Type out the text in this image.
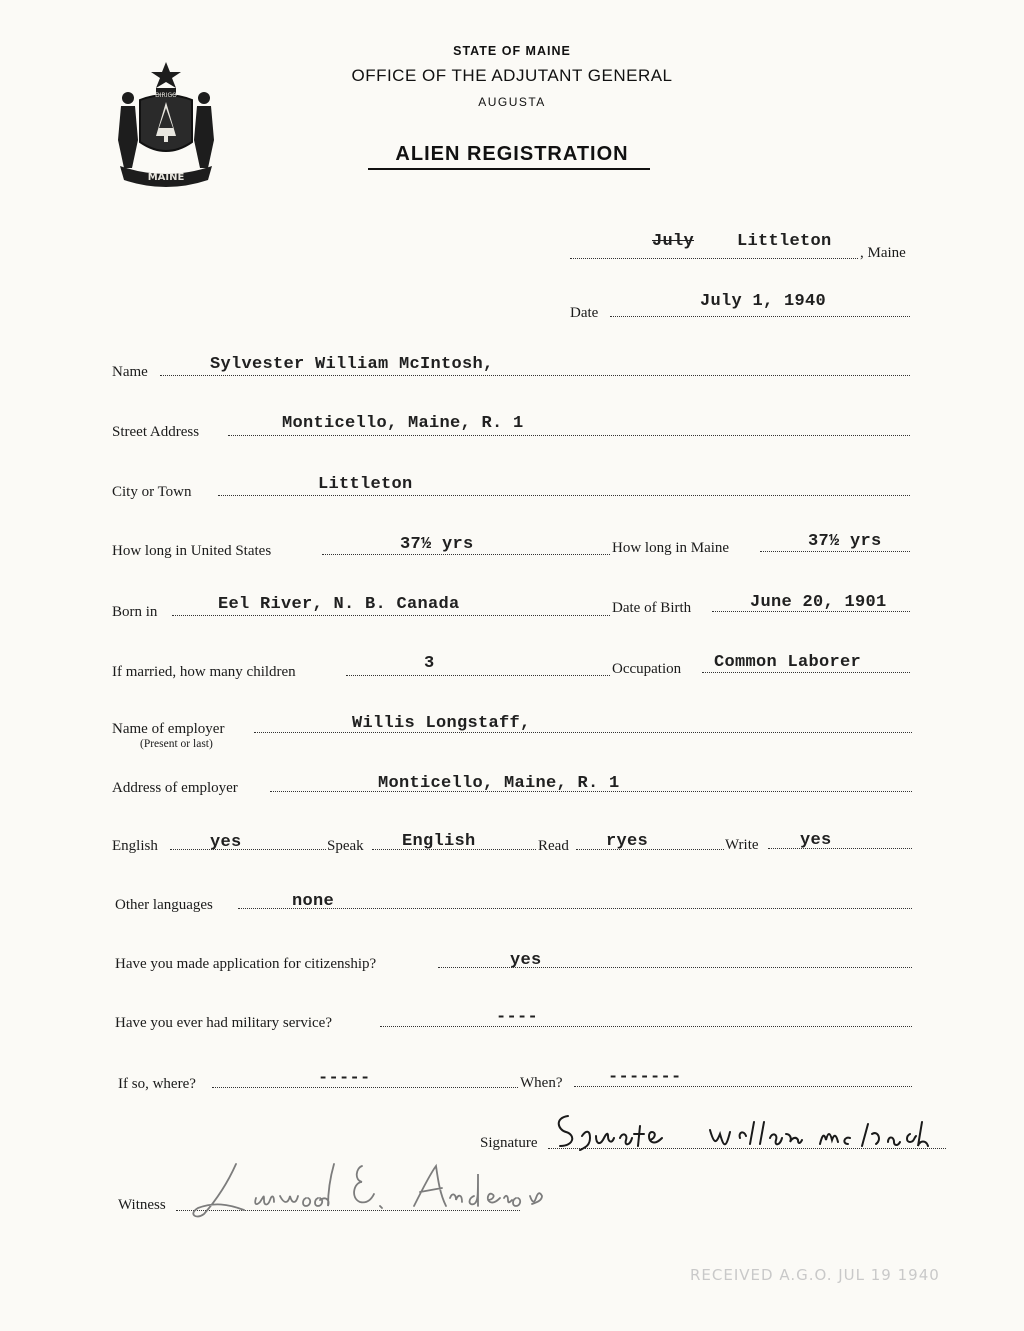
MAINE
DIRIGO
STATE OF MAINE
OFFICE OF THE ADJUTANT GENERAL
AUGUSTA
ALIEN REGISTRATION
July	Littleton
, Maine
Date
July 1, 1940
Name	Sylvester William McIntosh,
Street Address	Monticello, Maine, R. 1
City or Town	Littleton
How long in United States	37½ yrs	How long in Maine	37½ yrs
Born in	Eel River, N. B. Canada	Date of Birth	June 20, 1901
If married, how many children	3	Occupation Common Laborer
Name of employer
(Present or last)
Willis Longstaff,
Address of employer	Monticello, Maine, R. 1
English	yes	Speak English	Read ryes	Write yes
Other languages	none
Have you made application for citizenship?	yes
Have you ever had military service?	----
If so, where?	-----	When?	-------
Signature
Witness
RECEIVED A.G.O. JUL 19 1940
